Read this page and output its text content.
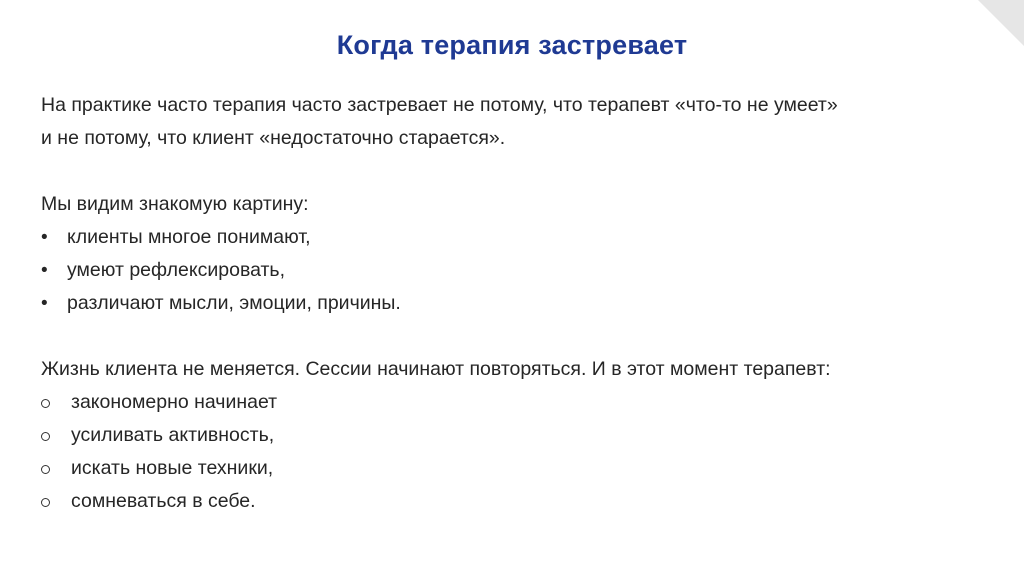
Когда терапия застревает
На практике часто терапия часто застревает не потому, что терапевт «что-то не умеет»
и не потому, что клиент «недостаточно старается».
Мы видим знакомую картину:
• клиенты многое понимают,
• умеют рефлексировать,
• различают мысли, эмоции, причины.
Жизнь клиента не меняется. Сессии начинают повторяться. И в этот момент терапевт:
закономерно начинает
усиливать активность,
искать новые техники,
сомневаться в себе.
